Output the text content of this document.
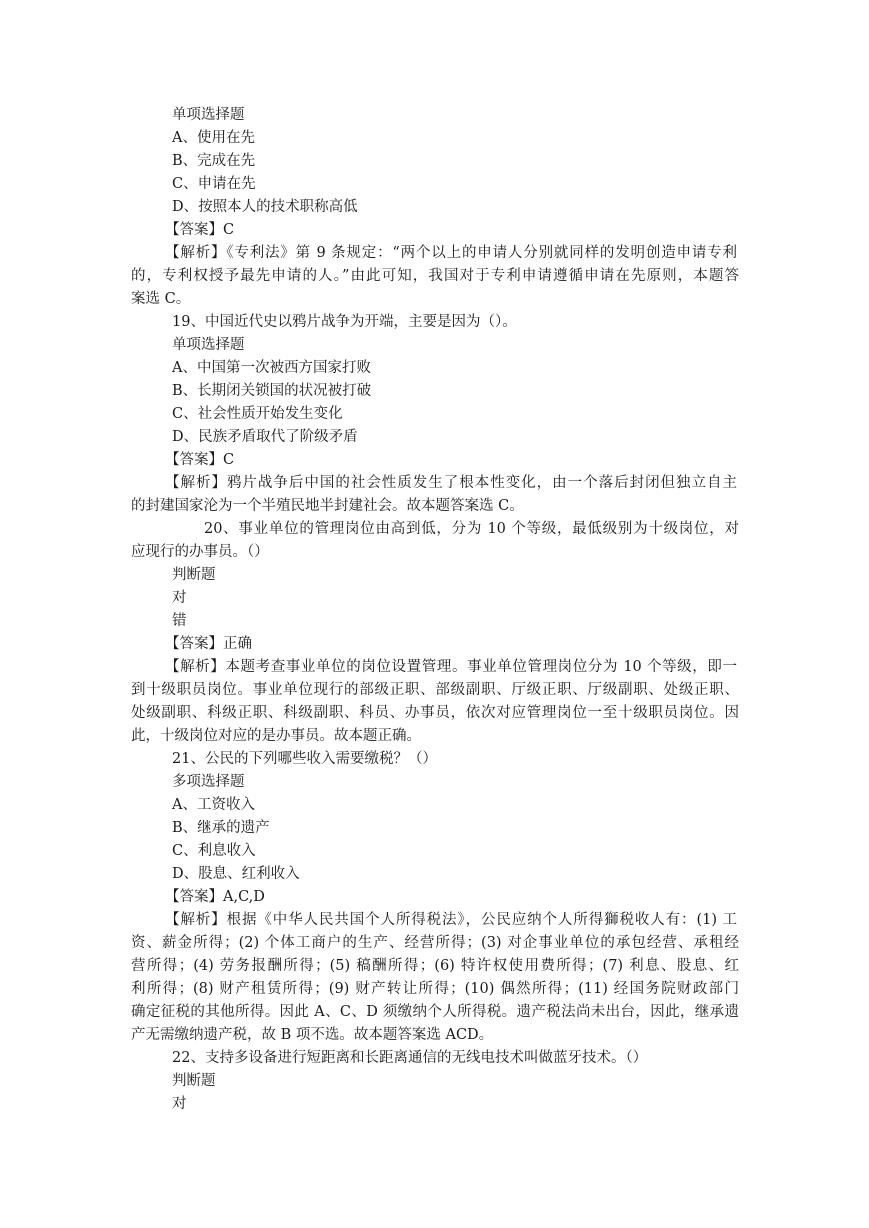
单项选择题

A、使用在先

B、完成在先

C、申请在先

D、按照本人的技术职称高低

【答案】C

【解析】《专利法》第 9 条规定：“两个以上的申请人分别就同样的发明创造申请专利

的，专利权授予最先申请的人。”由此可知，我国对于专利申请遵循申请在先原则，本题答

案选 C。

19、中国近代史以鸦片战争为开端，主要是因为（）。

单项选择题

A、中国第一次被西方国家打败

B、长期闭关锁国的状况被打破

C、社会性质开始发生变化

D、民族矛盾取代了阶级矛盾

【答案】C

【解析】鸦片战争后中国的社会性质发生了根本性变化，由一个落后封闭但独立自主

的封建国家沦为一个半殖民地半封建社会。故本题答案选 C。

20、事业单位的管理岗位由高到低，分为 10 个等级，最低级别为十级岗位，对

应现行的办事员。（）

判断题

对

错

【答案】正确

【解析】本题考查事业单位的岗位设置管理。事业单位管理岗位分为 10 个等级，即一

到十级职员岗位。事业单位现行的部级正职、部级副职、厅级正职、厅级副职、处级正职、

处级副职、科级正职、科级副职、科员、办事员，依次对应管理岗位一至十级职员岗位。因

此，十级岗位对应的是办事员。故本题正确。

21、公民的下列哪些收入需要缴税？（）

多项选择题

A、工资收入

B、继承的遗产

C、利息收入

D、股息、红利收入

【答案】A,C,D

【解析】根据《中华人民共国个人所得税法》，公民应纳个人所得獅税收人有：(1) 工

资、薪金所得；(2) 个体工商户的生产、经营所得；(3) 对企事业单位的承包经营、承租经

营所得；(4) 劳务报酬所得；(5) 稿酬所得；(6) 特许权使用费所得；(7) 利息、股息、红

利所得；(8) 财产租赁所得；(9) 财产转让所得；(10) 偶然所得；(11) 经国务院财政部门

确定征税的其他所得。因此 A、C、D 须缴纳个人所得税。遗产税法尚未出台，因此，继承遗

产无需缴纳遗产税，故 B 项不选。故本题答案选 ACD。

22、支持多设备进行短距离和长距离通信的无线电技术叫做蓝牙技术。（）

判断题

对
